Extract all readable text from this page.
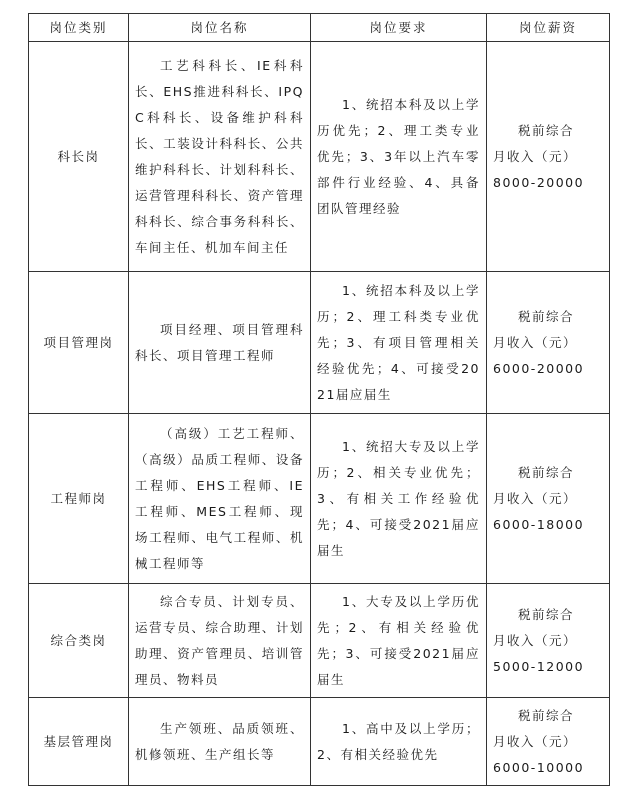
岗位类别	岗位名称	岗位要求	岗位薪资
科长岗	工艺科科长、IE科科长、EHS推进科科长、IPQC科科长、设备维护科科长、工装设计科科长、公共维护科科长、计划科科长、运营管理科科长、资产管理科科长、综合事务科科长、车间主任、机加车间主任	1、统招本科及以上学历优先；2、理工类专业优先；3、3年以上汽车零部件行业经验、4、具备团队管理经验	税前综合
月收入（元）
8000-20000

项目管理岗	项目经理、项目管理科科长、项目管理工程师	1、统招本科及以上学历；2、理工科类专业优先；3、有项目管理相关经验优先；4、可接受2021届应届生	税前综合
月收入（元）
6000-20000

工程师岗	（高级）工艺工程师、（高级）品质工程师、设备工程师、EHS工程师、IE工程师、MES工程师、现场工程师、电气工程师、机械工程师等	1、统招大专及以上学历；2、相关专业优先；3、有相关工作经验优先；4、可接受2021届应届生	税前综合
月收入（元）
6000-18000

综合类岗	综合专员、计划专员、运营专员、综合助理、计划助理、资产管理员、培训管理员、物料员	1、大专及以上学历优先；2、有相关经验优先；3、可接受2021届应届生	税前综合
月收入（元）
5000-12000

基层管理岗	生产领班、品质领班、机修领班、生产组长等	1、高中及以上学历；2、有相关经验优先	税前综合
月收入（元）
6000-10000
